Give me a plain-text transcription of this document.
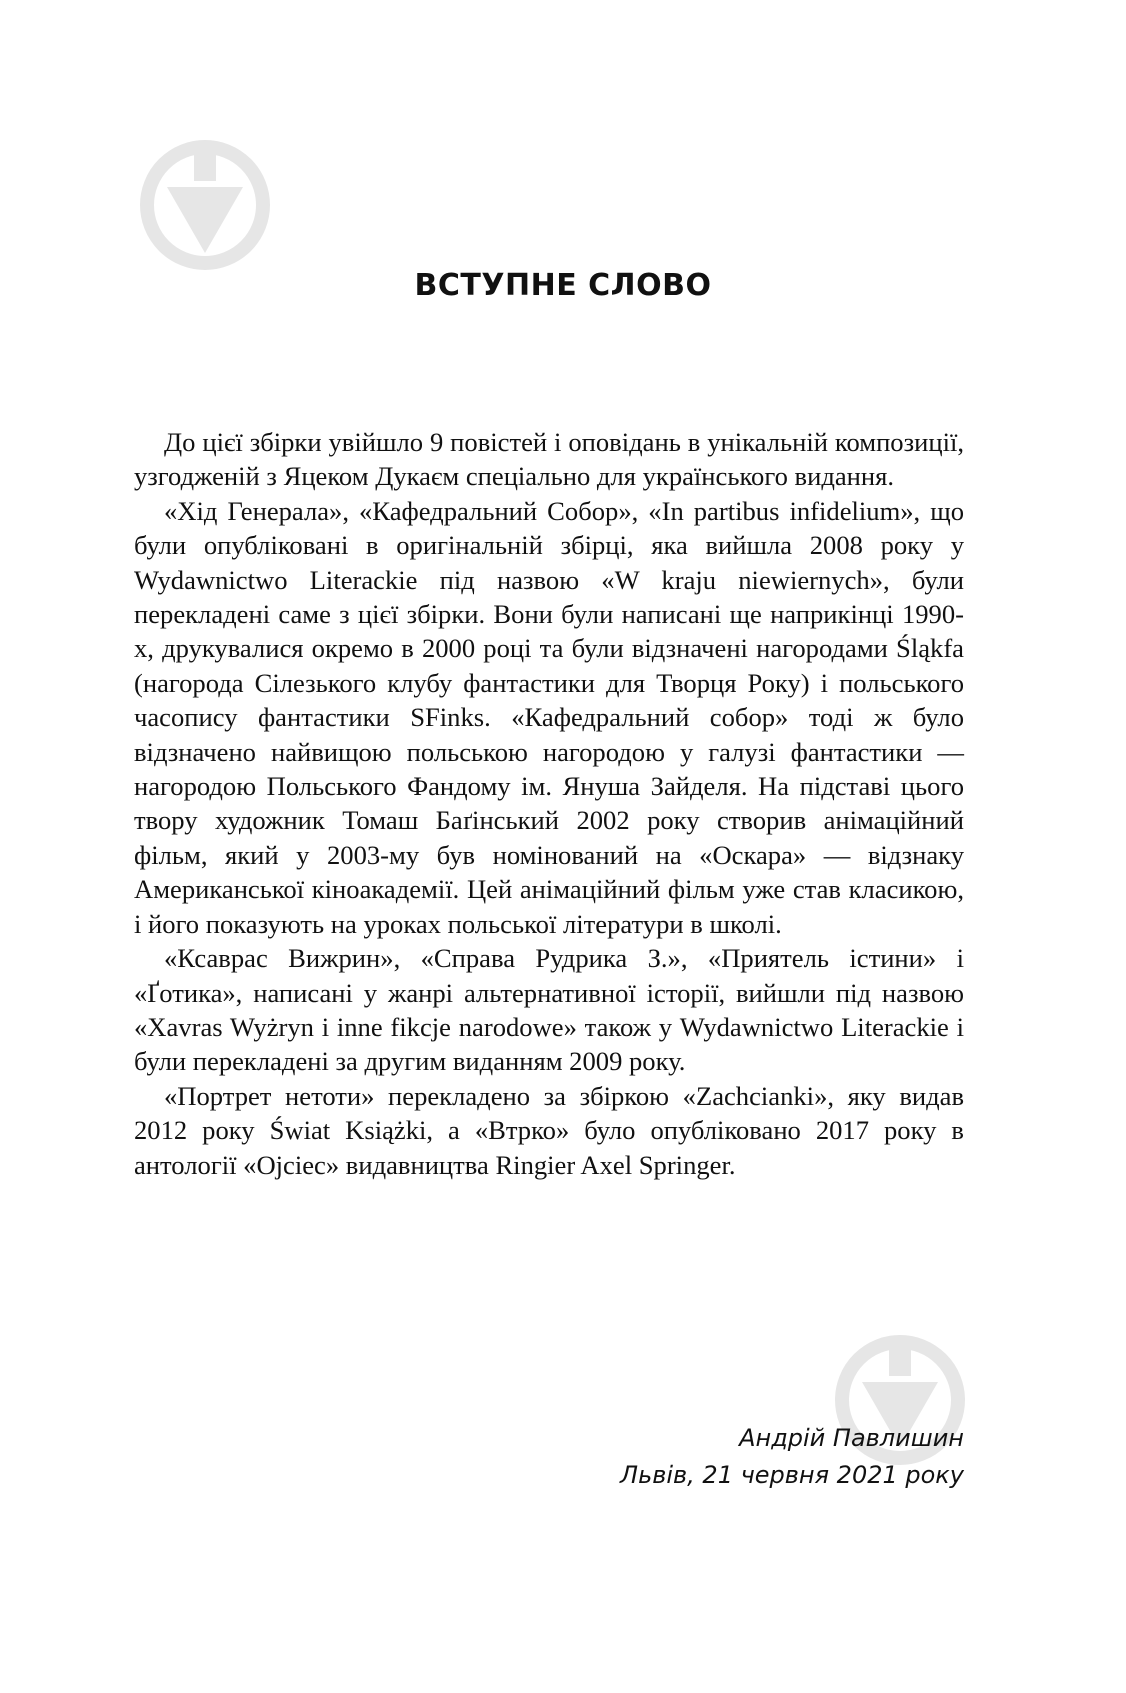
ВСТУПНЕ СЛОВО

До цієї збірки увійшло 9 повістей і оповідань в унікальній композиції, узгодженій з Яцеком Дукаєм спеціально для українського видання.

«Хід Генерала», «Кафедральний Собор», «In partibus infidelium», що були опубліковані в оригінальній збірці, яка вийшла 2008 року у Wydawnictwo Literackie під назвою «W kraju niewiernych», були перекладені саме з цієї збірки. Вони були написані ще наприкінці 1990-х, друкувалися окремо в 2000 році та були відзначені нагородами Śląkfa (нагорода Сілезького клубу фантастики для Творця Року) і польського часопису фантастики SFinks. «Кафедральний собор» тоді ж було відзначено найвищою польською нагородою у галузі фантастики — нагородою Польського Фандому ім. Януша Зайделя. На підставі цього твору художник Томаш Баґінський 2002 року створив анімаційний фільм, який у 2003-му був номінований на «Оскара» — відзнаку Американської кіноакадемії. Цей анімаційний фільм уже став класикою, і його показують на уроках польської літератури в школі.

«Ксаврас Вижрин», «Справа Рудрика З.», «Приятель істини» і «Ґотика», написані у жанрі альтернативної історії, вийшли під назвою «Xavras Wyżryn i inne fikcje narodowe» також у Wydawnictwo Literackie і були перекладені за другим виданням 2009 року.

«Портрет нетоти» перекладено за збіркою «Zachcianki», яку видав 2012 року Świat Książki, а «Втрко» було опубліковано 2017 року в антології «Ojciec» видавництва Ringier Axel Springer.

Андрій Павлишин
Львів, 21 червня 2021 року
